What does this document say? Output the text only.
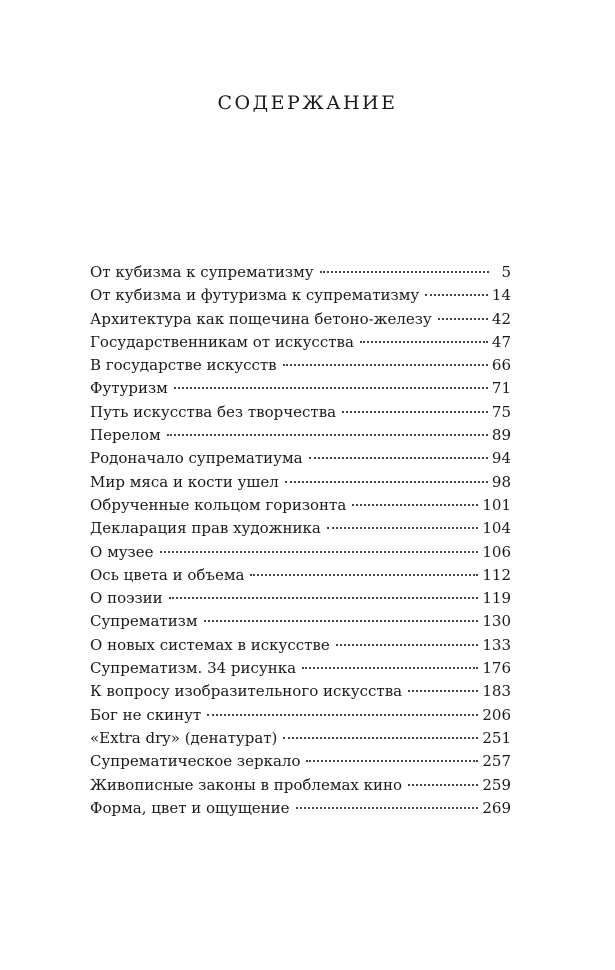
СОДЕРЖАНИЕ
От кубизма к супрематизму	5
От кубизма и футуризма к супрематизму	14
Архитектура как пощечина бетоно-железу	42
Государственникам от искусства	47
В государстве искусств	66
Футуризм	71
Путь искусства без творчества	75
Перелом	89
Родоначало супрематиума	94
Мир мяса и кости ушел	98
Обрученные кольцом горизонта	101
Декларация прав художника	104
О музее	106
Ось цвета и объема	112
О поэзии	119
Супрематизм	130
О новых системах в искусстве	133
Супрематизм. 34 рисунка	176
К вопросу изобразительного искусства	183
Бог не скинут	206
«Extra dry» (денатурат)	251
Супрематическое зеркало	257
Живописные законы в проблемах кино	259
Форма, цвет и ощущение	269
